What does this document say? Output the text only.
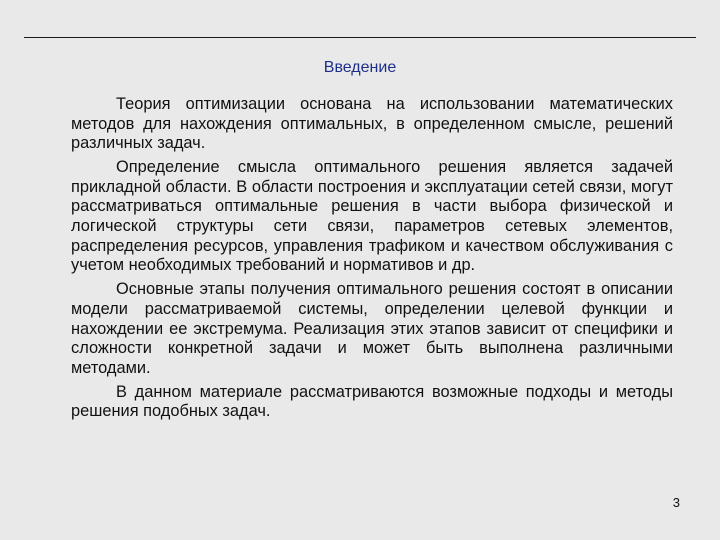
Введение

Теория оптимизации основана на использовании математических методов для нахождения оптимальных, в определенном смысле, решений различных задач.

Определение смысла оптимального решения является задачей прикладной области. В области построения и эксплуатации сетей связи, могут рассматриваться оптимальные решения в части выбора физической и логической структуры сети связи, параметров сетевых элементов, распределения ресурсов, управления трафиком и качеством обслуживания с учетом необходимых требований и нормативов и др.

Основные этапы получения оптимального решения состоят в описании модели рассматриваемой системы, определении целевой функции и нахождении ее экстремума. Реализация этих этапов зависит от специфики и сложности конкретной задачи и может быть выполнена различными методами.

В данном материале рассматриваются возможные подходы и методы решения подобных задач.

3
